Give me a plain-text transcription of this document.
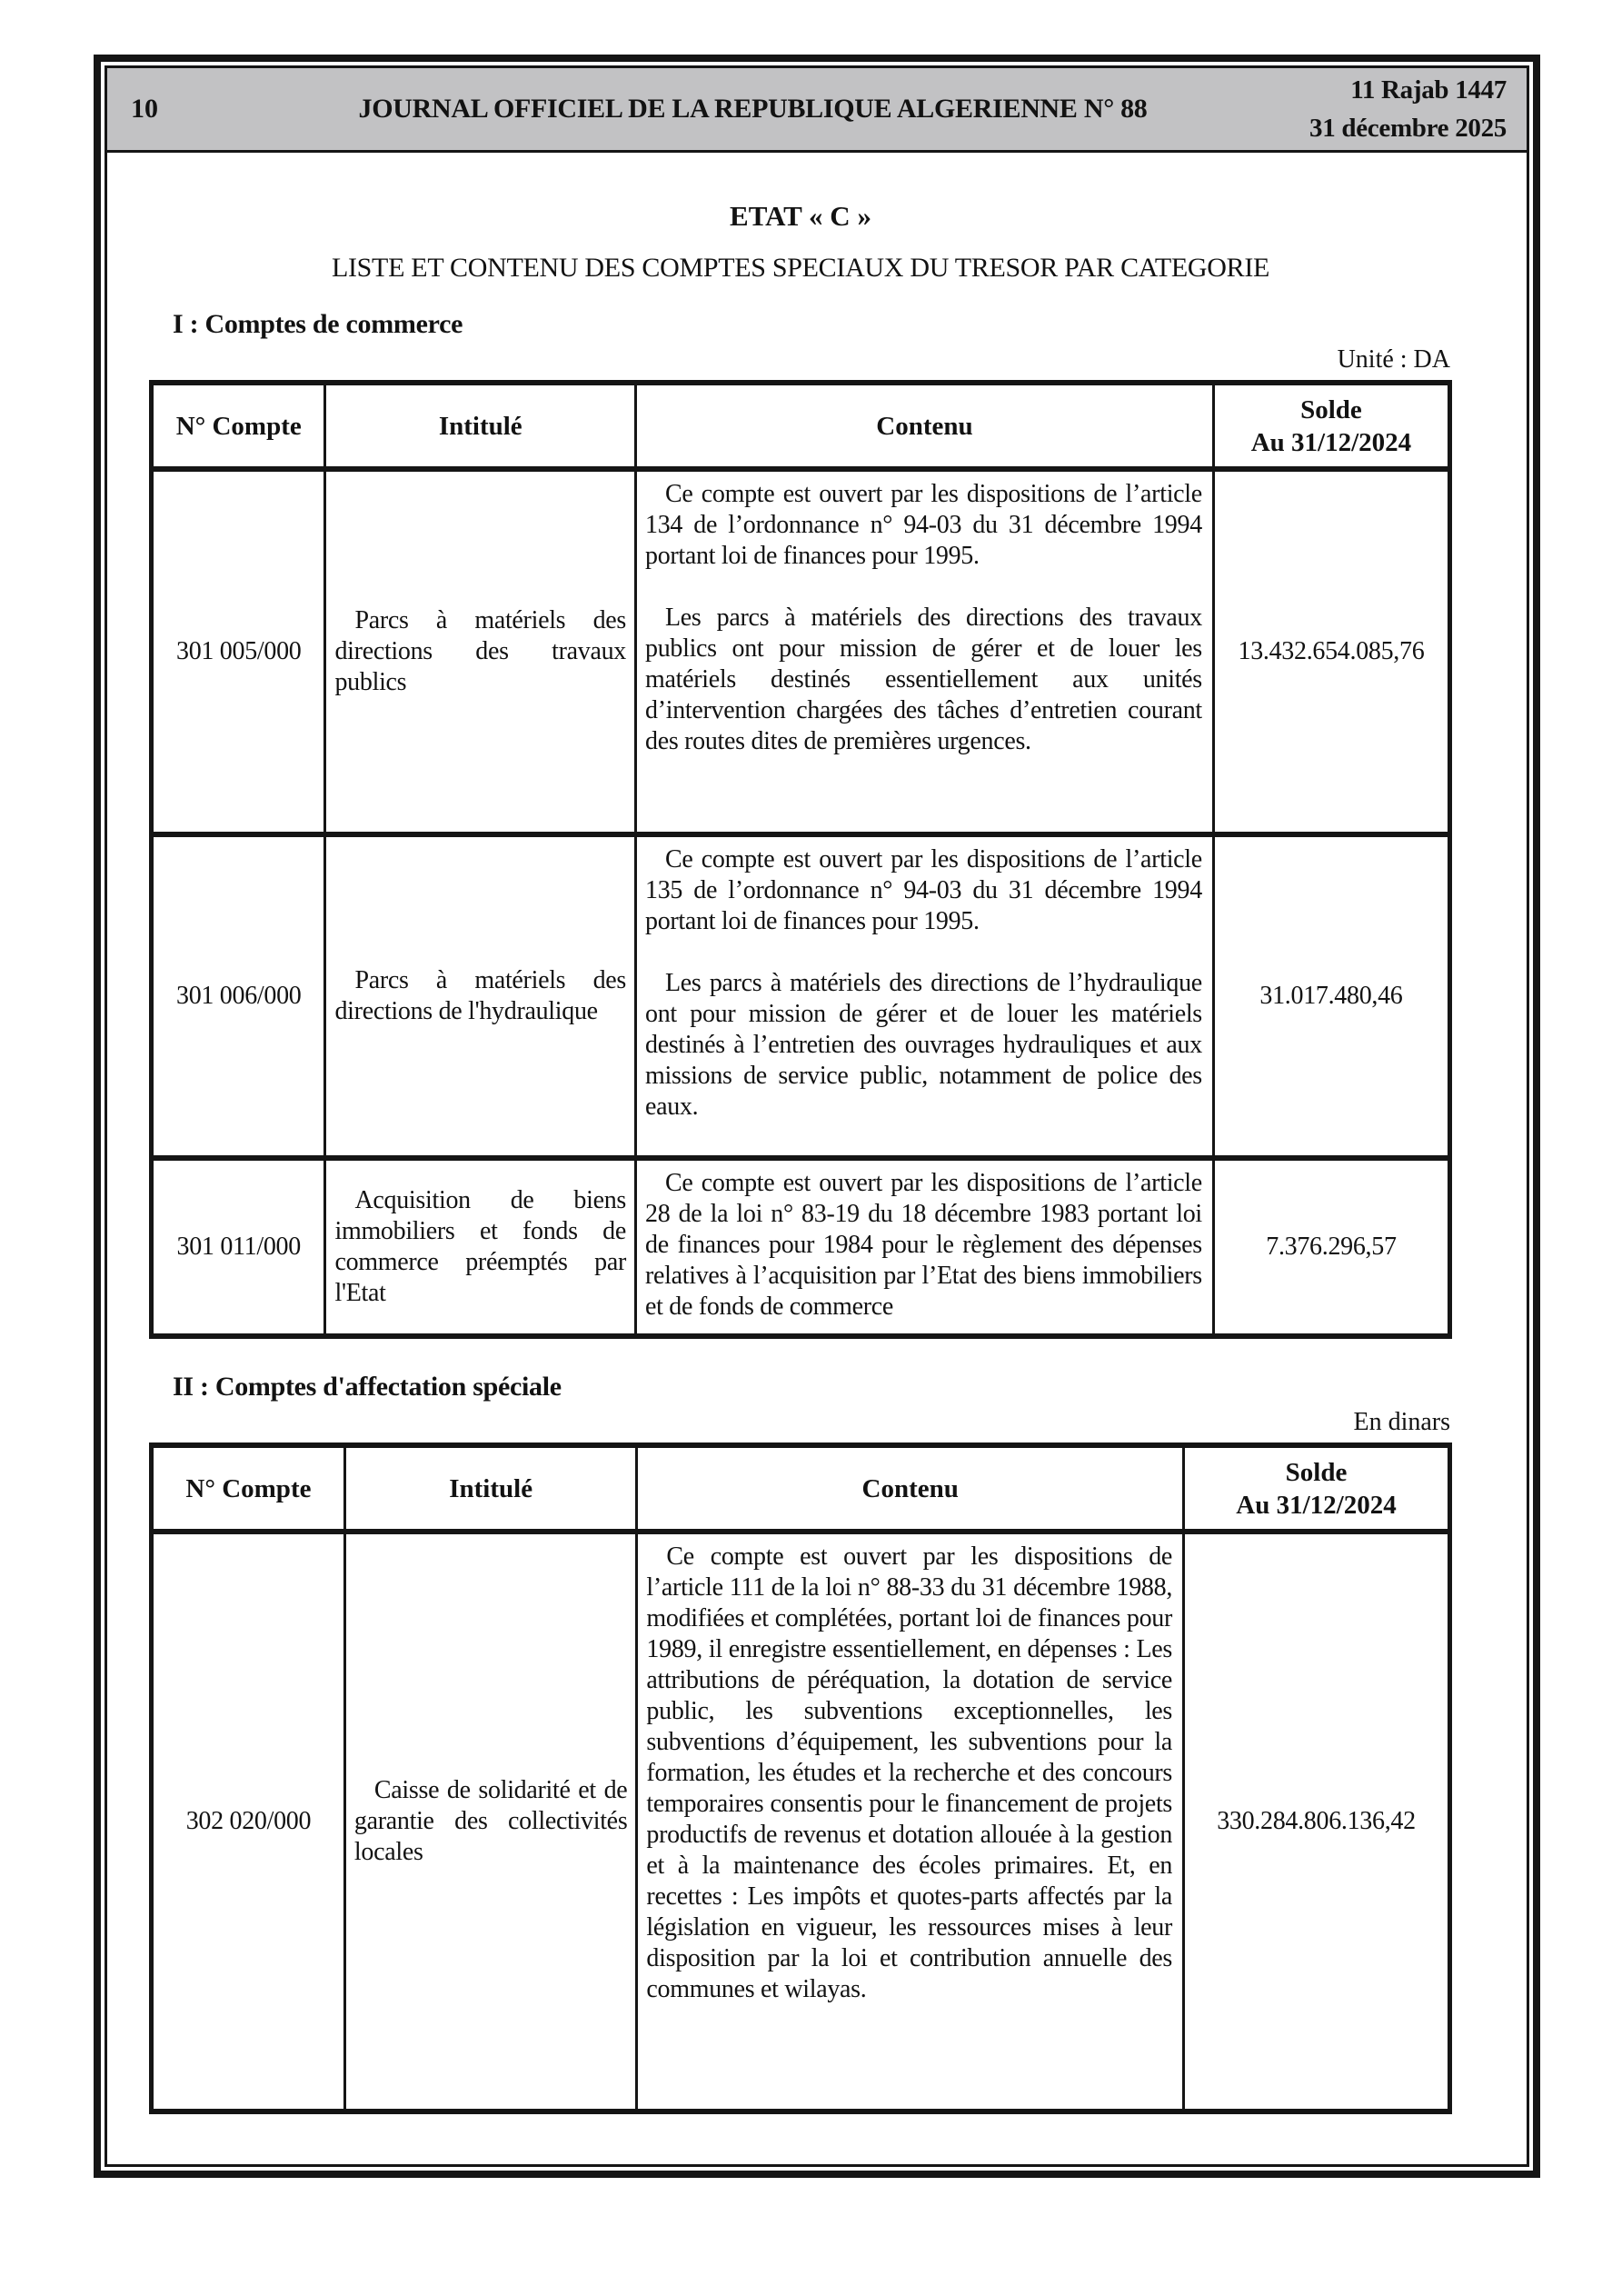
10	JOURNAL OFFICIEL DE LA REPUBLIQUE ALGERIENNE N° 88
11 Rajab 1447
31 décembre 2025
ETAT « C »
LISTE ET CONTENU DES COMPTES SPECIAUX DU TRESOR PAR CATEGORIE
I : Comptes de commerce
Unité : DA
N° Compte	Intitulé	Contenu	Solde
Au 31/12/2024

301 005/000	Parcs à matériels des directions des travaux publics	Ce compte est ouvert par les dispositions de l’article 134 de l’ordonnance n° 94-03 du 31 décembre 1994 portant loi de finances pour 1995.

Les parcs à matériels des directions des travaux publics ont pour mission de gérer et de louer les matériels destinés essentiellement aux unités d’intervention chargées des tâches d’entretien courant des routes dites de premières urgences.	13.432.654.085,76
301 006/000	Parcs à matériels des directions de l'hydraulique	Ce compte est ouvert par les dispositions de l’article 135 de l’ordonnance n° 94-03 du 31 décembre 1994 portant loi de finances pour 1995.

Les parcs à matériels des directions de l’hydraulique ont pour mission de gérer et de louer les matériels destinés à l’entretien des ouvrages hydrauliques et aux missions de service public, notamment de police des eaux.	31.017.480,46
301 011/000	Acquisition de biens immobiliers et fonds de commerce préemptés par l'Etat	Ce compte est ouvert par les dispositions de l’article 28 de la loi n° 83-19 du 18 décembre 1983 portant loi de finances pour 1984 pour le règlement des dépenses relatives à l’acquisition par l’Etat des biens immobiliers et de fonds de commerce	7.376.296,57
II : Comptes d'affectation spéciale
En dinars
N° Compte	Intitulé	Contenu	Solde
Au 31/12/2024

302 020/000	Caisse de solidarité et de garantie des collectivités locales	Ce compte est ouvert par les dispositions de l’article 111 de la loi n° 88-33 du 31 décembre 1988, modifiées et complétées, portant loi de finances pour 1989, il enregistre essentiellement, en dépenses : Les attributions de péréquation, la dotation de service public, les subventions exceptionnelles, les subventions d’équipement, les subventions pour la formation, les études et la recherche et des concours temporaires consentis pour le financement de projets productifs de revenus et dotation allouée à la gestion et à la maintenance des écoles primaires. Et, en recettes : Les impôts et quotes-parts affectés par la législation en vigueur, les ressources mises à leur disposition par la loi et contribution annuelle des communes et wilayas.	330.284.806.136,42
